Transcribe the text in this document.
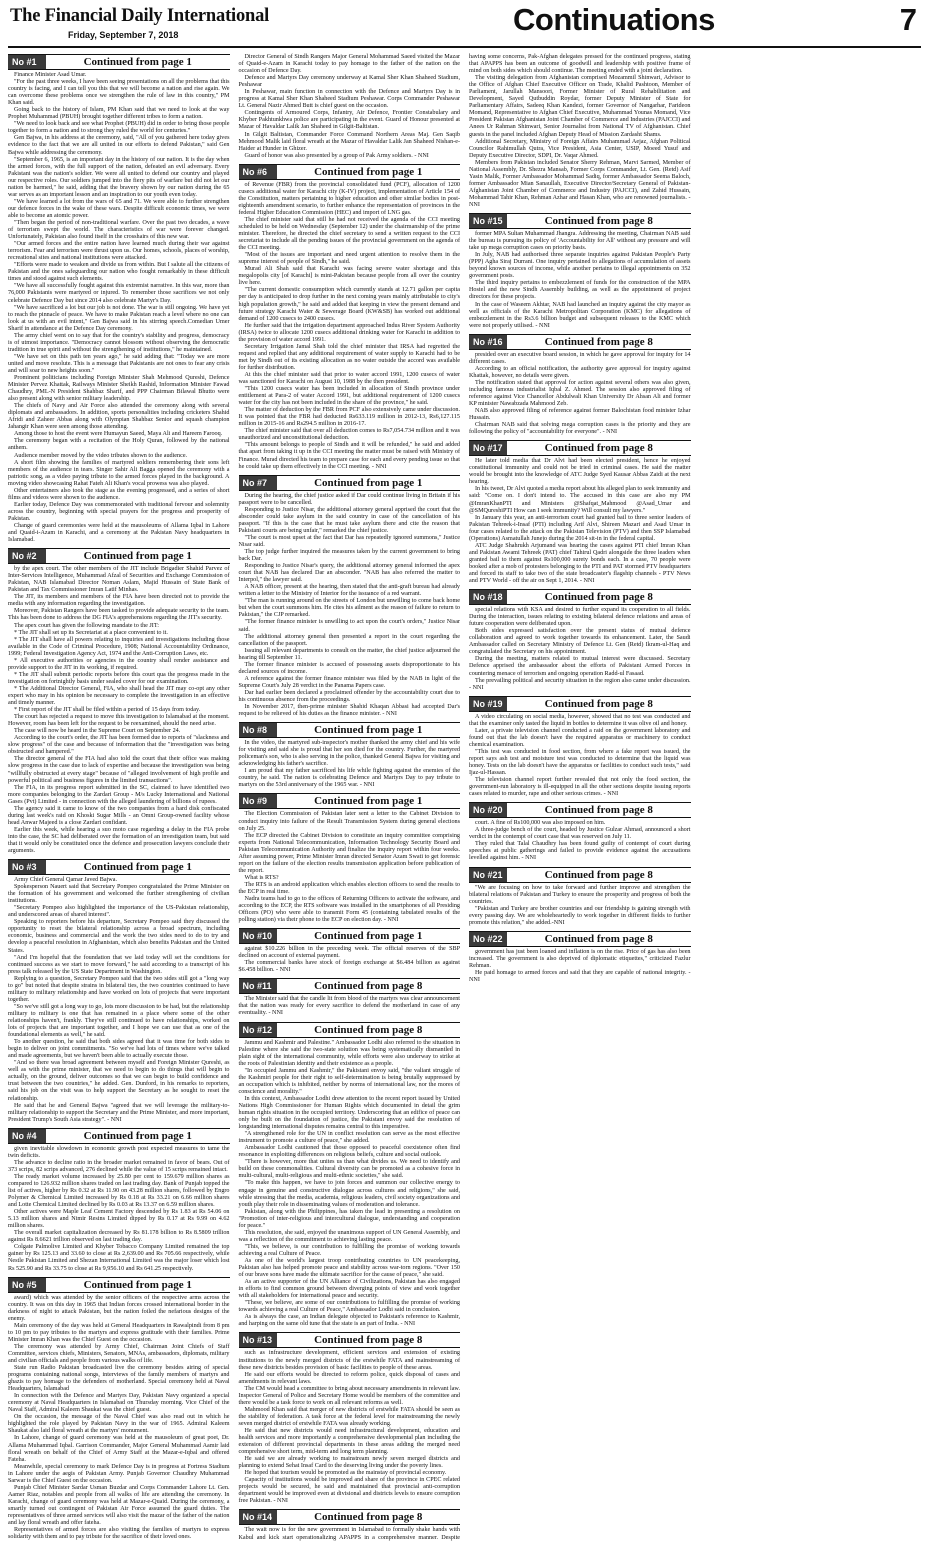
The Financial Daily International
Friday, September 7, 2018	Continuations	7
No #1	Continued from page 1

Finance Minister Asad Umar.

"For the past three weeks, I have been seeing presentations on all the problems that this country is facing, and I can tell you this that we will become a nation and rise again. We can overcome these problems once we strengthen the rule of law in this country," PM Khan said.

Going back to the history of Islam, PM Khan said that we need to look at the way Prophet Muhammad (PBUH) brought together different tribes to form a nation.

"We need to look back and see what Prophet (PBUH) did in order to bring those people together to form a nation and to strong they ruled the world for centuries."

Gen Bajwa, in his address at the ceremony, said, "All of you gathered here today gives evidence to the fact that we are all united in our efforts to defend Pakistan," said Gen Bajwa while addressing the ceremony.

"September 6, 1965, is an important day in the history of our nation. It is the day when the armed forces, with the full support of the nation, defeated an evil adversary. Every Pakistani was the nation's soldier. We were all united to defend our country and played our respective roles. Our soldiers jumped into the fiery pits of warfare but did not let our nation be harmed," he said, adding that the bravery shown by our nation during the 65 war serves as an important lesson and an inspiration to our youth even today.

"We have learned a lot from the wars of 65 and 71. We were able to further strengthen our defence forces in the wake of these wars. Despite difficult economic times, we were able to become an atomic power.

"Then began the period of non-traditional warfare. Over the past two decades, a wave of terrorism swept the world. The characteristics of war were forever changed. Unfortunately, Pakistan also found itself in the crosshairs of this new war.

"Our armed forces and the entire nation have learned much during their war against terrorism. Fear and terrorism were thrust upon us. Our homes, schools, places of worship, recreational sites and national institutions were attacked.

"Efforts were made to weaken and divide us from within. But I salute all the citizens of Pakistan and the ones safeguarding our nation who fought remarkably in these difficult times and stood against such elements.

"We have all successfully fought against this extremist narrative. In this war, more than 76,000 Pakistanis were martyred or injured. To remember those sacrifices we not only celebrate Defence Day but since 2014 also celebrate Martyr's Day.

"We have sacrificed a lot but our job is not done. The war is still ongoing. We have yet to reach the pinnacle of peace. We have to make Pakistan reach a level where no one can look at us with an evil intent," Gen Bajwa said in his stirring speech.Comedian Umer Sharif in attendance at the Defence Day ceremony.

The army chief went on to say that for the country's stability and progress, democracy is of utmost importance. "Democracy cannot blossom without observing the democratic tradition in true spirit and without the strengthening of institutions," he maintained.

"We have set on this path ten years ago," he said adding that: "Today we are more united and move resolute. This is a message that Pakistanis are not ones to fear any crisis and will soar to new heights soon."

Prominent politicians including Foreign Minister Shah Mehmood Qureshi, Defence Minister Pervez Khattak, Railways Minister Sheikh Rashid, Information Minister Fawad Chaudhry, PML-N President Shahbaz Sharif, and PPP Chairman Bilawal Bhutto were also present along with senior military leadership.

The chiefs of Navy and Air Force also attended the ceremony along with several diplomats and ambassadors. In addition, sports personalities including cricketers Shahid Afridi and Zaheer Abbas along with Olympian Shahbaz Senior and squash champion Jahangir Khan were seen among those attending.

Among those to host the event were Humayun Saeed, Maya Ali and Hareem Farooq.

The ceremony began with a recitation of the Holy Quran, followed by the national anthem.

Audience member moved by the video tributes shown to the audience.

A short film showing the families of martyred soldiers remembering their sons left members of the audience in tears. Singer Sahir Ali Bagga opened the ceremony with a patriotic song, as a video paying tribute to the armed forces played in the background. A moving video showcasing Rahat Fateh Ali Khan's vocal prowess was also played.

Other entertainers also took the stage as the evening progressed, and a series of short films and videos were shown to the audience.

Earlier today, Defence Day was commemorated with traditional fervour and solemnity across the country, beginning with special prayers for the progress and prosperity of Pakistan.

Change of guard ceremonies were held at the mausoleums of Allama Iqbal in Lahore and Quaid-i-Azam in Karachi, and a ceremony at the Pakistan Navy headquarters in Islamabad.

No #2	Continued from page 1

by the apex court. The other members of the JIT include Brigadier Shahid Parvez of Inter-Services Intelligence, Muhammad Afzal of Securities and Exchange Commission of Pakistan, NAB Islamabad Director Noman Aslam, Majid Hussain of State Bank of Pakistan and Tax Commissioner Imran Latif Minhas.

The JIT, its members and members of the FIA have been directed not to provide the media with any information regarding the investigation.

Moreover, Pakistan Rangers have been tasked to provide adequate security to the team. This has been done to address the DG FIA's apprehensions regarding the JIT's security.

The apex court has given the following mandate to the JIT:

* The JIT shall set up its Secretariat at a place convenient to it.

* The JIT shall have all powers relating to inquiries and investigations including those available in the Code of Criminal Procedure, 1908; National Accountability Ordinance, 1999; Federal Investigation Agency Act, 1974 and the Anti-Corruption Laws, etc.

* All executive authorities or agencies in the country shall render assistance and provide support to the JIT in its working, if required.

* The JIT shall submit periodic reports before this court qua the progress made in the investigation on fortnightly basis under sealed cover for our examination.

* The Additional Director General, FIA, who shall head the JIT may co-opt any other expert who may in his opinion be necessary to complete the investigation in an effective and timely manner.

* First report of the JIT shall be filed within a period of 15 days from today.

The court has rejected a request to move this investigation to Islamabad at the moment. However, room has been left for the request to be reexamined, should the need arise.

The case will now be heard in the Supreme Court on September 24.

According to the court's order, the JIT has been formed due to reports of "slackness and slow progress" of the case and because of information that the "investigation was being obstructed and hampered."

The director general of the FIA had also told the court that their office was making slow progress in the case due to lack of expertise and because the investigation was being "willfully obstructed at every stage" because of "alleged involvement of high profile and powerful political and business figures in the limited transactions".

The FIA, in its progress report submitted in the SC, claimed to have identified two more companies belonging to the Zardari Group - M/s Lucky International and National Gases (Pvt) Limited - in connection with the alleged laundering of billions of rupees.

The agency said it came to know of the two companies from a hard disk confiscated during last week's raid on Khoski Sugar Mills - an Omni Group-owned facility whose head Anwar Majeed is a close Zardari confidant.

Earlier this week, while hearing a suo moto case regarding a delay in the FIA probe into the case, the SC had deliberated over the formation of an investigation team, but said that it would only be constituted once the defence and prosecution lawyers conclude their arguments.

No #3	Continued from page 1

Army Chief General Qamar Javed Bajwa.

Spokesperson Nauert said that Secretary Pompeo congratulated the Prime Minister on the formation of his government and welcomed the further strengthening of civilian institutions.

"Secretary Pompeo also highlighted the importance of the US-Pakistan relationship, and underscored areas of shared interest".

Speaking to reporters before his departure, Secretary Pompeo said they discussed the opportunity to reset the bilateral relationship across a broad spectrum, including economic, business and commercial and the work the two sides need to do to try and develop a peaceful resolution in Afghanistan, which also benefits Pakistan and the United States.

"And I'm hopeful that the foundation that we laid today will set the conditions for continued success as we start to move forward," he said according to a transcript of his press talk released by the US State Department in Washington.

Replying to a question, Secretary Pompeo said that the two sides still got a "long way to go" but noted that despite strains in bilateral ties, the two countries continued to have military to military relationship and have worked on lots of projects that were important together.

"So we've still got a long way to go, lots more discussion to be had, but the relationship military to military is one that has remained in a place where some of the other relationships haven't, frankly. They've still continued to have relationships, worked on lots of projects that are important together, and I hope we can use that as one of the foundational elements as well," he said.

To another question, he said that both sides agreed that it was time for both sides to begin to deliver on joint commitments. "So we've had lots of times where we've talked and made agreements, but we haven't been able to actually execute those.

"And so there was broad agreement between myself and Foreign Minister Qureshi, as well as with the prime minister, that we need to begin to do things that will begin to actually, on the ground, deliver outcomes so that we can begin to build confidence and trust between the two countries," he added. Gen. Dunford, in his remarks to reporters, said his job on the visit was to help support the Secretary as he sought to reset the relationship.

He said that he and General Bajwa "agreed that we will leverage the military-to-military relationship to support the Secretary and the Prime Minister, and more important, President Trump's South Asia strategy". - NNI

No #4	Continued from page 1

given inevitable slowdown in economic growth post expected measures to tame the twin deficits.

The advance to decline ratio in the broader market remained in favor of bears. Out of 373 scrips, 82 scrips advanced, 276 declined while the value of 15 scrips remained intact.

The ready market volume increased by 25.80 per cent to 159.679 million shares as compared to 126.932 million shares traded on last trading day. Bank of Punjab topped the list of actives, higher by Rs 0.32 at Rs 11.90 on 43.28 million shares, followed by Engro Polymer & Chemical Limited increased by Rs 0.18 at Rs 33.21 on 6.66 million shares and Lotte Chemical Limited declined by Rs 0.03 at Rs 13.37 on 6.59 million shares.

Other actives were Maple Leaf Cement Factory descended by Rs 1.83 at Rs 54.06 on 5.13 million shares and Nimir Resins Limited dipped by Rs 0.17 at Rs 9.99 on 4.62 million shares.

The overall market capitalization decreased by Rs 81.178 billion to Rs 8.5809 trillion against Rs 8.6621 trillion observed on last trading day.

Colgate Palmolive Limited and Khyber Tobacco Company Limited remained the top gainer by Rs 125.13 and 33.60 to close at Rs 2,639.00 and Rs 705.66 respectively, while Nestle Pakistan Limited and Shezan International Limited was the major loser which lost Rs 525.90 and Rs 33.75 to close at Rs 9,956.10 and Rs 641.25 respectively.

No #5	Continued from page 1

award) which was attended by the senior officers of the respective arms across the country. It was on this day in 1965 that Indian forces crossed international border in the darkness of night to attack Pakistan, but the nation foiled the nefarious designs of the enemy.

Main ceremony of the day was held at General Headquarters in Rawalpindi from 8 pm to 10 pm to pay tributes to the martyrs and express gratitude with their families. Prime Minister Imran Khan was the Chief Guest on the occasion.

The ceremony was attended by Army Chief, Chairman Joint Chiefs of Staff Committee, services chiefs, Ministers, Senators, MNAs, ambassadors, diplomats, military and civilian officials and people from various walks of life.

State run Radio Pakistan broadcasted live the ceremony besides airing of special programs containing national songs, interviews of the family members of martyrs and ghazis to pay homage to the defenders of motherland. Special ceremony held at Naval Headquarters, Islamabad

In connection with the Defence and Martyrs Day, Pakistan Navy organized a special ceremony at Naval Headquarters in Islamabad on Thursday morning. Vice Chief of the Naval Staff, Admiral Kaleem Shaukat was the chief guest.

On the occasion, the message of the Naval Chief was also read out in which he highlighted the role played by Pakistan Navy in the war of 1965. Admiral Kaleem Shaukat also laid floral wreath at the martyrs' monument.

In Lahore, change of guard ceremony was held at the mausoleum of great poet, Dr. Allama Muhammad Iqbal. Garrison Commander, Major General Muhammad Aamir laid floral wreath on behalf of the Chief of Army Staff at the Mazar-e-Iqbal and offered Fateha.

Meanwhile, special ceremony to mark Defence Day is in progress at Fortress Stadium in Lahore under the aegis of Pakistan Army. Punjab Governor Chaudhry Muhammad Sarwar is the Chief Guest on the occasion.

Punjab Chief Minister Sardar Usman Buzdar and Corps Commander Lahore Lt. Gen. Aamer Riaz, notables and people from all walks of life are attending the ceremony. In Karachi, change of guard ceremony was held at Mazar-e-Quaid. During the ceremony, a smartly turned out contingent of Pakistan Air Force assumed the guard duties. The representatives of three armed services will also visit the mazar of the father of the nation and lay floral wreath and offer fateha.

Representatives of armed forces are also visiting the families of martyrs to express solidarity with them and to pay tribute for the sacrifice of their loved ones.

Director General of Sindh Rangers Major General Mohammad Saeed visited the Mazar of Quaid-e-Azam in Karachi today to pay homage to the father of the nation on the occasion of Defence Day.

Defence and Martyrs Day ceremony underway at Kamal Sher Khan Shaheed Stadium, Peshawar

In Peshawar, main function in connection with the Defence and Martyrs Day is in progress at Kamal Sher Khan Shaheed Stadium Peshawar. Corps Commander Peshawar Lt. General Nazir Ahmed Butt is chief guest on the occasion.

Contingents of Armoured Corps, Infantry, Air Defence, Frontier Constabulary and Khyber Pakhtunkhwa police are participating in the event. Guard of Honour presented at Mazar of Havaldar Lalik Jan Shaheed in Gilgit-Baltistan.

In Gilgit Baltistan, Commander Force Command Northern Areas Maj. Gen Saqib Mehmood Malik laid floral wreath at the Mazar of Havaldar Lalik Jan Shaheed Nishan-e-Haider at Hunder in Ghizer.

Guard of honor was also presented by a group of Pak Army soldiers. - NNI

No #6	Continued from page 1

of Revenue (FBR) from the provincial consolidated fund (PCF), allocation of 1200 cusecs additional water for Karachi city (K-IV) project, implementation of Article 154 of the Constitution, matters pertaining to higher education and other similar bodies in post-eighteenth amendment scenario, to further enhance the representation of provinces in the federal Higher Education Commission (HEC) and import of LNG gas.

The chief minister said that still he had not received the agenda of the CCI meeting scheduled to be held on Wednesday (September 12) under the chairmanship of the prime minister. Therefore, he directed the chief secretary to send a written request to the CCI secretariat to include all the pending issues of the provincial government on the agenda of the CCI meeting.

"Most of the issues are important and need urgent attention to resolve them in the supreme interest of people of Sindh," he said.

Murad Ali Shah said that Karachi was facing severe water shortage and this megalopolis city [of Karachi] is mini-Pakistan because people from all over the country live here.

"The current domestic consumption which currently stands at 12.71 gallon per capita per day is anticipated to drop further in the next coming years mainly attributable to city's high population growth," he said and added that keeping in view the present demand and future strategy Karachi Water & Sewerage Board (KW&SB) has worked out additional demand of 1200 cusecs to 2400 cusecs.

He further said that the irrigation department approached Indus River System Authority (IRSA) twice to allocate 1200 cusecs additional drinking water for Karachi in addition to the provision of water accord 1991.

Secretary Irrigation Jamal Shah told the chief minister that IRSA had regretted the request and replied that any additional requirement of water supply to Karachi had to be met by Sindh out of its existing allocation as no water outside the accord was available for further distribution.

At this the chief minister said that prior to water accord 1991, 1200 cusecs of water was sanctioned for Karachi on August 10, 1988 by the then president.

"This 1200 cusecs water has been included in allocation of Sindh province under entitlement at Para-2 of water Accord 1991, but additional requirement of 1200 cusecs water for the city has not been included in the share of the province," he said.

The matter of deduction by the FBR from PCF also extensively came under discussion. It was pointed that the FBR had deducted Rs633.119 million in 2012-13, Rs6,127.115 million in 2015-16 and Rs294.5 million in 2016-17.

The chief minister said that over all deduction comes to Rs7,054.734 million and it was unauthorized and unconstitutional deduction.

"This amount belongs to people of Sindh and it will be refunded," he said and added that apart from taking it up in the CCI meeting the matter must be raised with Ministry of Finance. Murad directed his team to prepare case for each and every pending issue so that he could take up them effectively in the CCI meeting. - NNI

No #7	Continued from page 1

During the hearing, the chief justice asked if Dar could continue living in Britain if his passport were to be cancelled.

Responding to Justice Nisar, the additional attorney general apprised the court that the absconder could take asylum in the said country in case of the cancellation of his passport. "If this is the case that he must take asylum there and cite the reason that Pakistani courts are being unfair," remarked the chief justice.

"The court is most upset at the fact that Dar has repeatedly ignored summons," Justice Nisar said.

The top judge further inquired the measures taken by the current government to bring back Dar.

Responding to Justice Nisar's query, the additional attorney general informed the apex court that NAB has declared Dar an absconder. "NAB has also referred the matter to Interpol," the lawyer said.

A NAB officer, present at the hearing, then stated that the anti-graft bureau had already written a letter to the Ministry of Interior for the issuance of a red warrant.

"The man is running around on the streets of London but unwilling to come back home but when the court summons him. He cites his ailment as the reason of failure to return to Pakistan," the CJP remarked.

"The former finance minister is unwilling to act upon the court's orders," Justice Nisar said.

The additional attorney general then presented a report in the court regarding the cancellation of the passport.

Issuing all relevant departments to consult on the matter, the chief justice adjourned the hearing till September 11.

The former finance minister is accused of possessing assets disproportionate to his declared sources of income.

A reference against the former finance minister was filed by the NAB in light of the Supreme Court's July 28 verdict in the Panama Papers case.

Dar had earlier been declared a proclaimed offender by the accountability court due to his continuous absence from the proceedings.

In November 2017, then-prime minister Shahid Khaqan Abbasi had accepted Dar's request to be relieved of his duties as the finance minister. - NNI

No #8	Continued from page 1

In the video, the martyred sub-inspector's mother thanked the army chief and his wife for visiting and said she is proud that her son died for the country. Further, the martyred policeman's son, who is also serving in the police, thanked General Bajwa for visiting and acknowledging his father's sacrifice.

I am proud that my father sacrificed his life while fighting against the enemies of the country, he said. The nation is celebrating Defence and Martyrs Day to pay tribute to martyrs on the 53rd anniversary of the 1965 war. - NNI

No #9	Continued from page 1

The Election Commission of Pakistan later sent a letter to the Cabinet Division to conduct inquiry into failure of the Result Transmission System during general elections on July 25.

The ECP directed the Cabinet Division to constitute an inquiry committee comprising experts from National Telecommunication, Information Technology Security Board and Pakistan Telecommunication Authority and finalize the inquiry report within four weeks. After assuming power, Prime Minister Imran directed Senator Azam Swati to get forensic report on the failure of the election results transmission application before publication of the report.

What is RTS?

The RTS is an android application which enables election officers to send the results to the ECP in real time.

Nadra teams had to go to the offices of Returning Officers to activate the software, and according to the ECP, the RTS software was installed in the smartphones of all Presiding Officers (PO) who were able to transmit Form 45 (containing tabulated results of the polling station) via their phone to the ECP on election day. - NNI

No #10	Continued from page 1

against $10.226 billion in the preceding week. The official reserves of the SBP declined on account of external payment.

The commercial banks have stock of foreign exchange at $6.484 billion as against $6.458 billion. - NNI

No #11	Continued from page 8

The Minister said that the candle lit from blood of the martyrs was clear announcement that the nation was ready for every sacrifice to defend the motherland in case of any eventuality. - NNI

No #12	Continued from page 8

Jammu and Kashmir and Palestine." Ambassador Lodhi also referred to the situation in Palestine where she said the two-state solution was being systematically dismantled in plain sight of the international community, while efforts were also underway to strike at the roots of Palestinian identity and their existence as a people.

"In occupied Jammu and Kashmir," the Pakistani envoy said, "the valiant struggle of the Kashmiri people for their right to self-determination is being brutally suppressed by an occupation which is inhibited, neither by norms of international law, nor the mores of conscience and morality."

In this context, Ambassador Lodhi drew attention to the recent report issued by United Nations High Commissioner for Human Rights which documented in detail the grim human rights situation in the occupied territory. Underscoring that an edifice of peace can only be built on the foundation of justice, the Pakistani envoy said the resolution of longstanding international disputes remains central to this imperative.

"A strengthened role for the UN in conflict resolution can serve as the most effective instrument to promote a culture of peace," she added.

Ambassador Lodhi cautioned that those opposed to peaceful coexistence often find resonance in exploiting differences on religious beliefs, culture and social outlook.

"There is however, more that unites us than what divides us. We need to identify and build on these commonalities. Cultural diversity can be promoted as a cohesive force in multi-cultural, multi-religious and multi-ethnic societies," she said.

"To make this happen, we have to join forces and summon our collective energy to engage in genuine and constructive dialogue across cultures and religions," she said, while stressing that the media, academia, religious leaders, civil society organizations and youth play their role in disseminating values of moderation and tolerance.

Pakistan, along with the Philippines, has taken the lead in presenting a resolution on "Promotion of inter-religious and intercultural dialogue, understanding and cooperation for peace."

This resolution, she said, enjoyed the unanimous support of UN General Assembly, and was a reflection of the commitment to achieving lasting peace.

"This, we believe, is our contribution to fulfilling the promise of working towards achieving a real Culture of Peace.

As one of the world's largest troop contributing countries to UN peacekeeping, Pakistan also has helped promote peace and stability across war-torn regions. "Over 150 of our brave sons have made the ultimate sacrifice for the cause of peace," she said.

As an active supporter of the UN Alliance of Civilizations, Pakistan has also engaged in efforts to find common ground between diverging points of view and work together with all stakeholders for international peace and security.

"These, we believe, are some of our contributions to fulfilling the promise of working towards achieving a real Culture of Peace," Ambassador Lodhi said in conclusion.

As is always the case, an Indian delegate objected to Pakistan's reference to Kashmir, and harping on the same old tune that the state is an part of India. - NNI

No #13	Continued from page 8

such as infrastructure development, efficient services and extension of existing institutions to the newly merged districts of the erstwhile FATA and mainstreaming of these new districts besides provision of basic facilities to people of these areas.

He said our efforts would be directed to reform police, quick disposal of cases and amendments in relevant laws.

The CM would head a committee to bring about necessary amendments in relevant law. Inspector General of Police and Secretary Home would be members of the committee and there would be a task force to work on all relevant reforms as well.

Mahmood Khan said that merger of new districts of erstwhile FATA should be seen as the stability of federation. A task force at the federal level for mainstreaming the newly seven merged district of erstwhile FATA was already working.

He said that new districts would need infrastructural development, education and health services and more importantly a comprehensive developmental plan including the extension of different provincial departments in these areas adding the merged need comprehensive short term, mid-term and long term planning.

He said we are already working to mainstream newly seven merged districts and planning to extend Sehat Insaf Card to the deserving living under the poverty lines.

He hoped that tourism would be promoted as the mainstay of provincial economy.

Capacity of institutions would be improved and share of the province in CPEC related projects would be secured, he said and maintained that provincial anti-corruption department would be improved even at divisional and districts levels to ensure corruption free Pakistan. - NNI

No #14	Continued from page 8

The wait now is for the new government in Islamabad to formally shake hands with Kabul and kick start operationalizing APAPPS in a comprehensive manner. Despite having some concerns, Pak-Afghan delegates pressed for the continued progress, stating that APAPPS has been an outcome of goodwill and leadership with positive frame of mind on both sides which should continue. The meeting ended with a joint declaration.

The visiting delegation from Afghanistan comprised Mozammil Shinwari, Advisor to the Office of Afghan Chief Executive Officer on Trade, Khalid Pashtoon, Member of Parliament, Jarullah Mansoori, Former Minister of Rural Rehabilitation and Development, Sayed Qutbuddin Roydar, former Deputy Minister of State for Parliamentary Affairs, Sadeeq Khan Kandezi, former Governor of Nangarhar, Farideon Momand, Representative to Afghan Chief Executive, Muhammad Younas Momand, Vice President Pakistan Afghanistan Joint Chamber of Commerce and Industries (PAJCCI) and Anees Ur Rahman Shinwari, Senior Journalist from National TV of Afghanistan. Chief guests in the panel included Afghan Deputy Head of Mission Zardasht Shams.

Additional Secretary, Ministry of Foreign Affairs Muhammad Aejaz, Afghan Political Councilor Rahimullah Qutra, Vice President, Asia Center, USIP, Moeed Yusuf and Deputy Executive Director, SDPI, Dr. Vaqar Ahmed.

Members from Pakistan included Senator Sherry Rehman, Marvi Sarmed, Member of National Assembly, Dr. Shezra Mansab, Former Corps Commander, Lt. Gen. (Retd) Asif Yasin Malik, Former Ambassador Mohammad Sadiq, former Ambassador Seema Baloch, former Ambassador Mian Sanaullah, Executive Director/Secretary General of Pakistan-Afghanistan Joint Chamber of Commerce and Industry (PAJCCI), and Zahid Hussain, Mohammad Tahir Khan, Rehman Azhar and Hasan Khan, who are renowned journalists. - NNI

No #15	Continued from page 8

former MPA Sultan Muhammad Jhangra. Addressing the meeting, Chairman NAB said the bureau is pursuing its policy of 'Accountability for All' without any pressure and will take up mega corruption cases on priority basis.

In July, NAB had authorised three separate inquiries against Pakistan People's Party (PPP) Agha Siraj Durrani. One inquiry pertained to allegations of accumulation of assets beyond known sources of income, while another pertains to illegal appointments on 352 government posts.

The third inquiry pertains to embezzlement of funds for the construction of the MPA Hostel and the new Sindh Assembly building, as well as the appointment of project directors for these projects.

In the case of Waseem Akhtar, NAB had launched an inquiry against the city mayor as well as officials of the Karachi Metropolitan Corporation (KMC) for allegations of embezzlement in the Rs3.6 billion budget and subsequent releases to the KMC which were not properly utilised. - NNI

No #16	Continued from page 8

presided over an executive board session, in which he gave approval for inquiry for 14 different cases.

According to an official notification, the authority gave approval for inquiry against Khattak, however, no details were given.

The notification stated that approval for action against several others was also given, including famous industrialist Iqbal Z. Ahmed. The session also approved filing of reference against Vice Chancellor Abdulwali Khan University Dr Ahsan Ali and former KP minister Nawabzada Mahmood Zeb.

NAB also approved filing of reference against former Balochistan food minister Izhar Hussain.

Chairman NAB said that solving mega corruption cases is the priority and they are following the policy of "accountability for everyone". - NNI

No #17	Continued from page 8

He later told media that Dr Alvi had been elected president, hence he enjoyed constitutional immunity and could not be tried in criminal cases. He said the matter would be brought into the knowledge of ATC Judge Syed Kausar Abbas Zaidi at the next hearing.

In his tweet, Dr Alvi quoted a media report about his alleged plan to seek immunity and said: "Come on. I don't intend to. The accused in this case are also my PM @ImranKhanPTI and Ministers @Shafqat_Mahmood @Asad_Umar and @SMQureshiPTI How can I seek immunity? Will consult my lawyers."

In January this year, an anti-terrorism court had granted bail to three senior leaders of Pakistan Tehreek-i-Insaf (PTI) including Arif Alvi, Shireen Mazari and Asad Umar in four cases related to the attack on the Pakistan Television (PTV) and then SSP Islamabad (Operations) Asmatullah Junejo during the 2014 sit-in in the federal capital.

ATC Judge Shahrukh Arjumand was hearing the cases against PTI chief Imran Khan and Pakistan Awami Tehreek (PAT) chief Tahirul Qadri alongside the three leaders when granted bail to them against Rs100,000 surety bonds each. In a case, 70 people were booked after a mob of protesters belonging to the PTI and PAT stormed PTV headquarters and forced its staff to take two of the state broadcaster's flagship channels - PTV News and PTV World - off the air on Sept 1, 2014. - NNI

No #18	Continued from page 8

special relations with KSA and desired to further expand its cooperation to all fields. During the interaction, issues relating to existing bilateral defence relations and areas of future cooperation were deliberated upon.

Both sides expressed satisfaction over the present status of mutual defence collaboration and agreed to work together towards its enhancement. Later, the Saudi Ambassador called on Secretary Ministry of Defence Lt. Gen (Retd) Ikram-ul-Haq and congratulated the Secretary on his appointment.

During the meeting, matters related to mutual interest were discussed. Secretary Defence apprised the ambassador about the efforts of Pakistani Armed Forces in countering menace of terrorism and ongoing operation Radd-ul Fasaad.

The prevailing political and security situation in the region also came under discussion. - NNI

No #19	Continued from page 8

A video circulating on social media, however, showed that no test was conducted and that the examiner only tasted the liquid in bottles to determine it was olive oil and honey.

Later, a private television channel conducted a raid on the government laboratory and found out that the lab doesn't have the required apparatus or machinery to conduct chemical examination.

"This test was conducted in food section, from where a fake report was issued, the report says ash test and moisture test was conducted to determine that the liquid was honey. Tests on the lab doesn't have the apparatus or facilities to conduct such tests," said Ijaz-ul-Hassan.

The television channel report further revealed that not only the food section, the government-run laboratory is ill-equipped in all the other sections despite issuing reports cases related to murder, rape and other serious crimes. - NNI

No #20	Continued from page 8

court. A fine of Rs100,000 was also imposed on him.

A three-judge bench of the court, headed by Justice Gulzar Ahmad, announced a short verdict in the contempt of court case that was reserved on July 11.

They ruled that Talal Chaudhry has been found guilty of contempt of court during speeches at public gatherings and failed to provide evidence against the accusations levelled against him. - NNI

No #21	Continued from page 8

"We are focusing on how to take forward and further improve and strengthen the bilateral relations of Pakistan and Turkey to ensure the prosperity and progress of both the countries.

"Pakistan and Turkey are brother countries and our friendship is gaining strength with every passing day. We are wholeheartedly to work together in different fields to further promote this relation," she added.-NNI

No #22	Continued from page 8

government has just been loaned and inflation is on the rise. Price of gas has also been increased. The government is also deprived of diplomatic etiquettes," criticized Fazlur Rehman.

He paid homage to armed forces and said that they are capable of national integrity. - NNI
